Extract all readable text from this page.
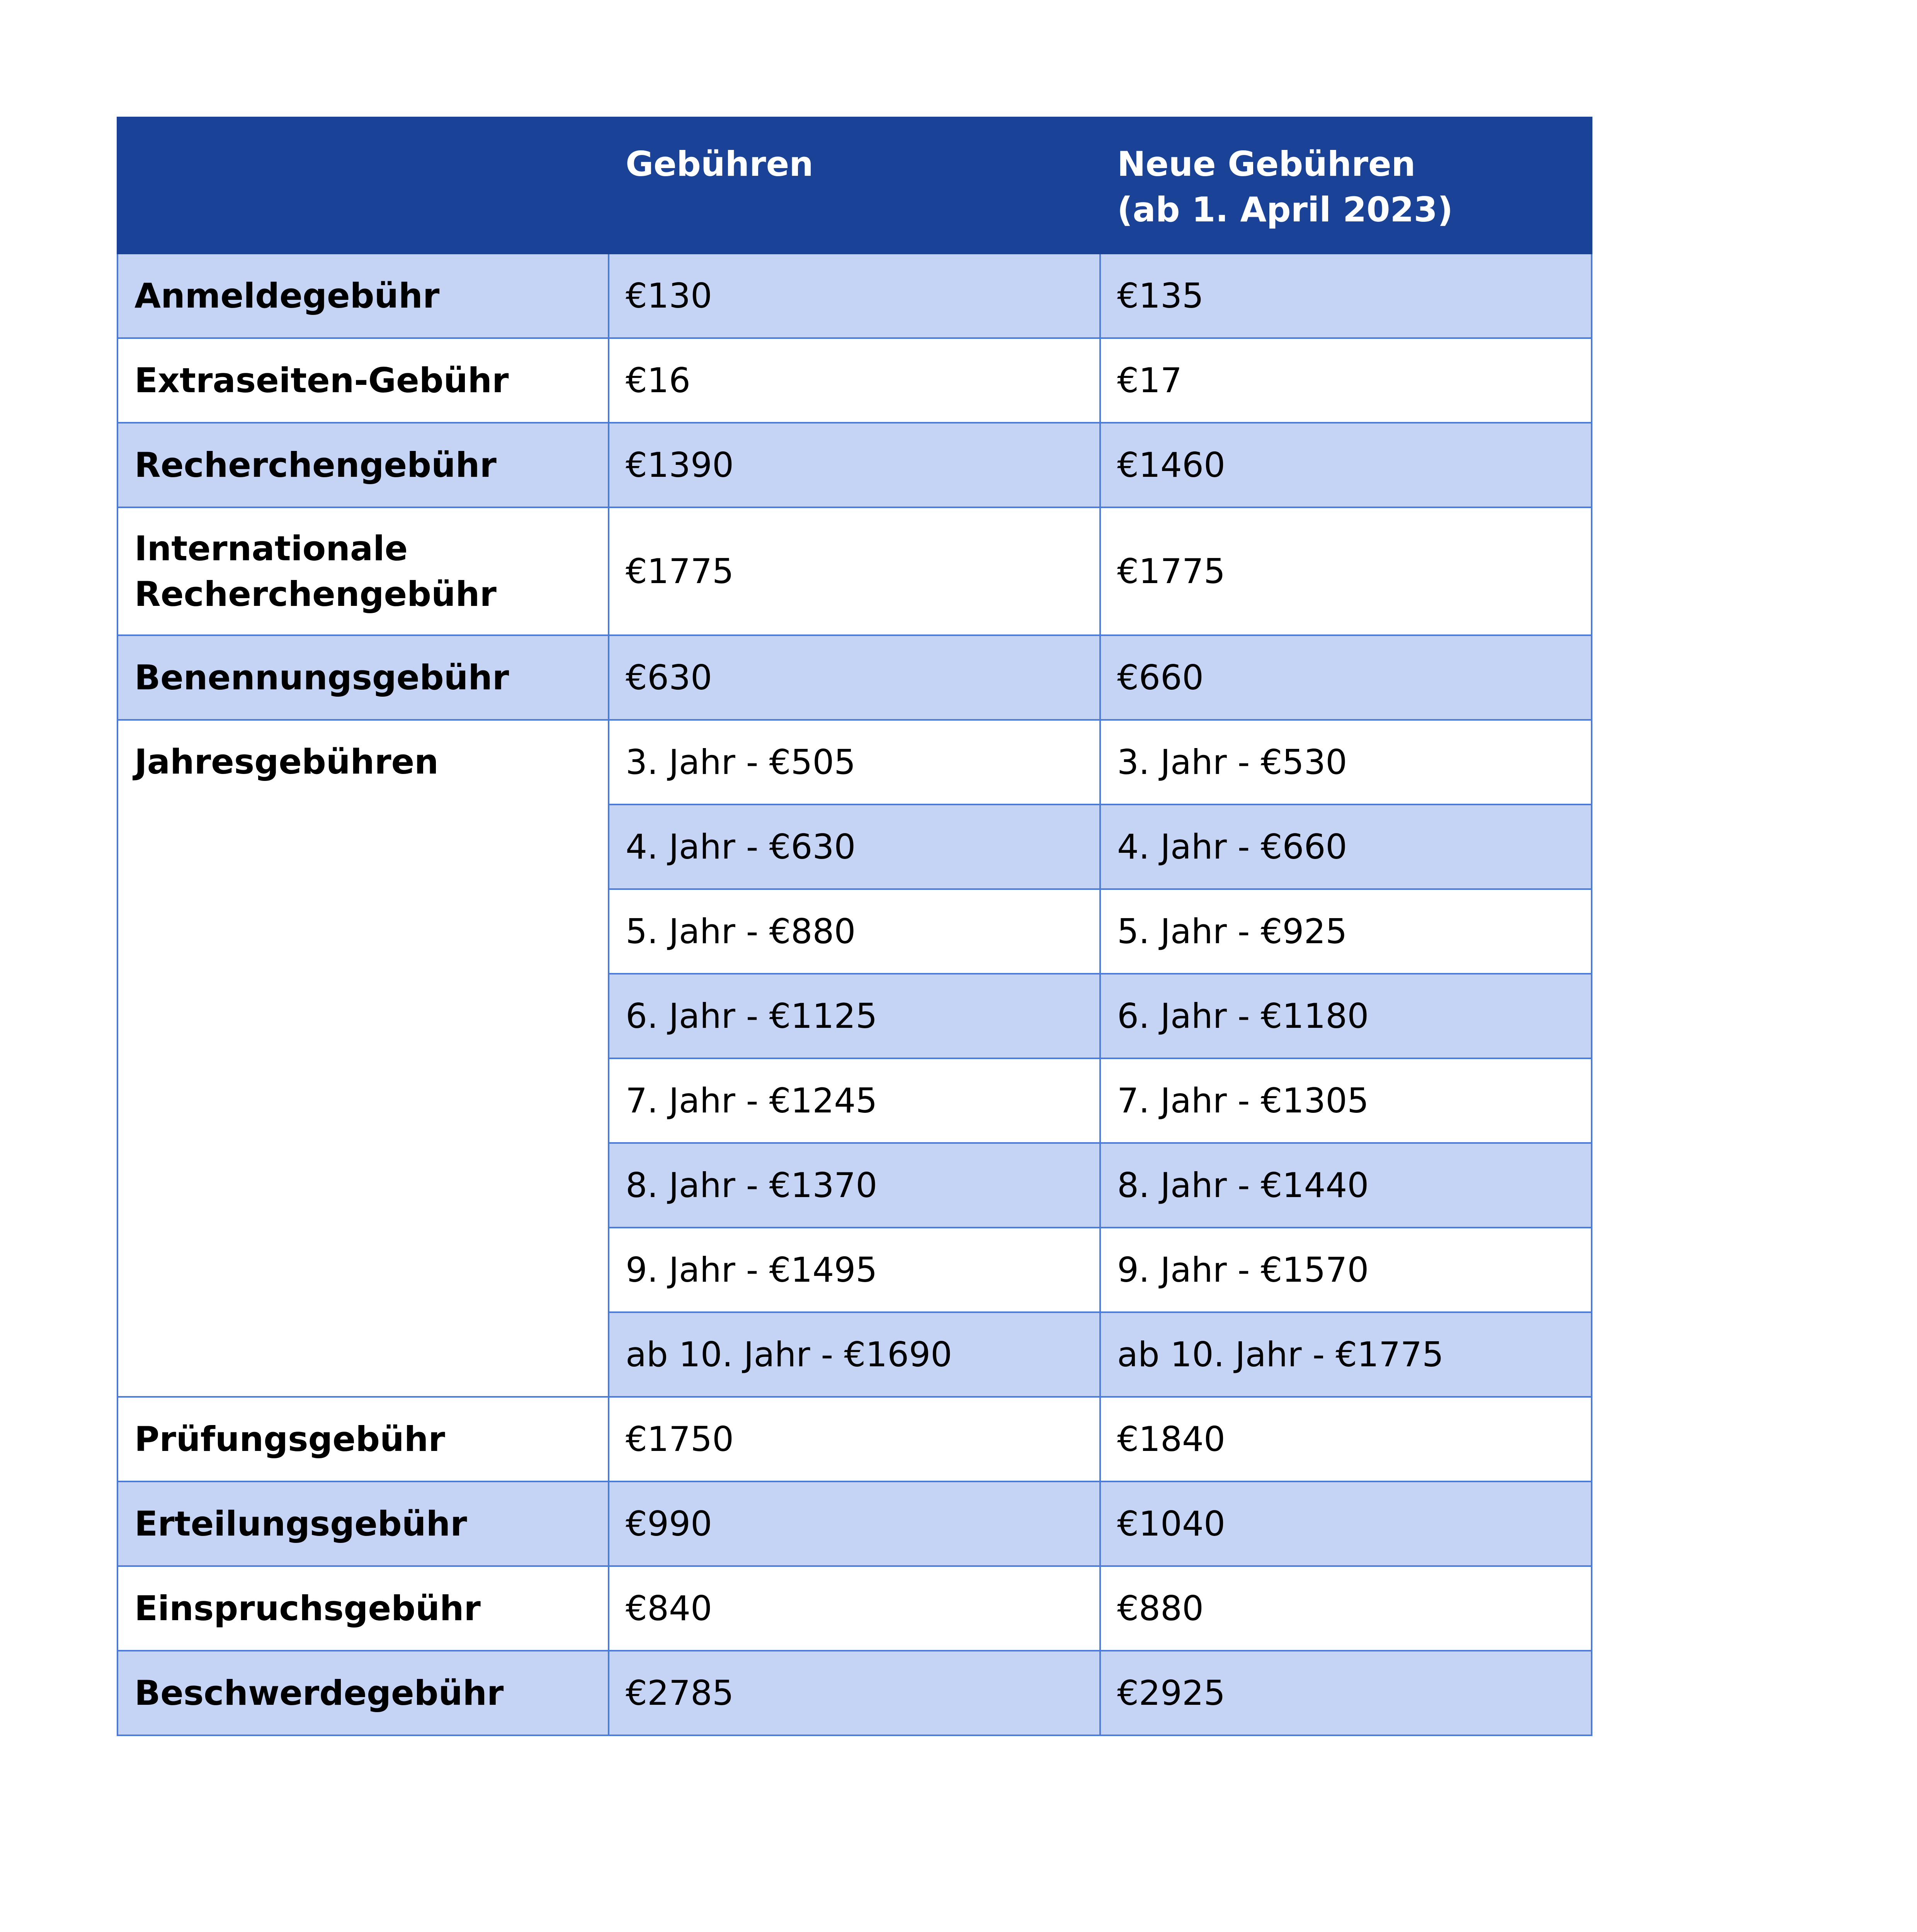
	Gebühren	Neue Gebühren
(ab 1. April 2023)

Anmeldegebühr	€130	€135
Extraseiten-Gebühr	€16	€17
Recherchengebühr	€1390	€1460

Internationale
Recherchengebühr	€1775	€1775
Benennungsgebühr	€630	€660
Jahresgebühren	3. Jahr - €505	3. Jahr - €530
	4. Jahr - €630	4. Jahr - €660
	5. Jahr - €880	5. Jahr - €925
	6. Jahr - €1125	6. Jahr - €1180
	7. Jahr - €1245	7. Jahr - €1305
	8. Jahr - €1370	8. Jahr - €1440
	9. Jahr - €1495	9. Jahr - €1570
	ab 10. Jahr - €1690	ab 10. Jahr - €1775
Prüfungsgebühr	€1750	€1840
Erteilungsgebühr	€990	€1040
Einspruchsgebühr	€840	€880
Beschwerdegebühr	€2785	€2925
